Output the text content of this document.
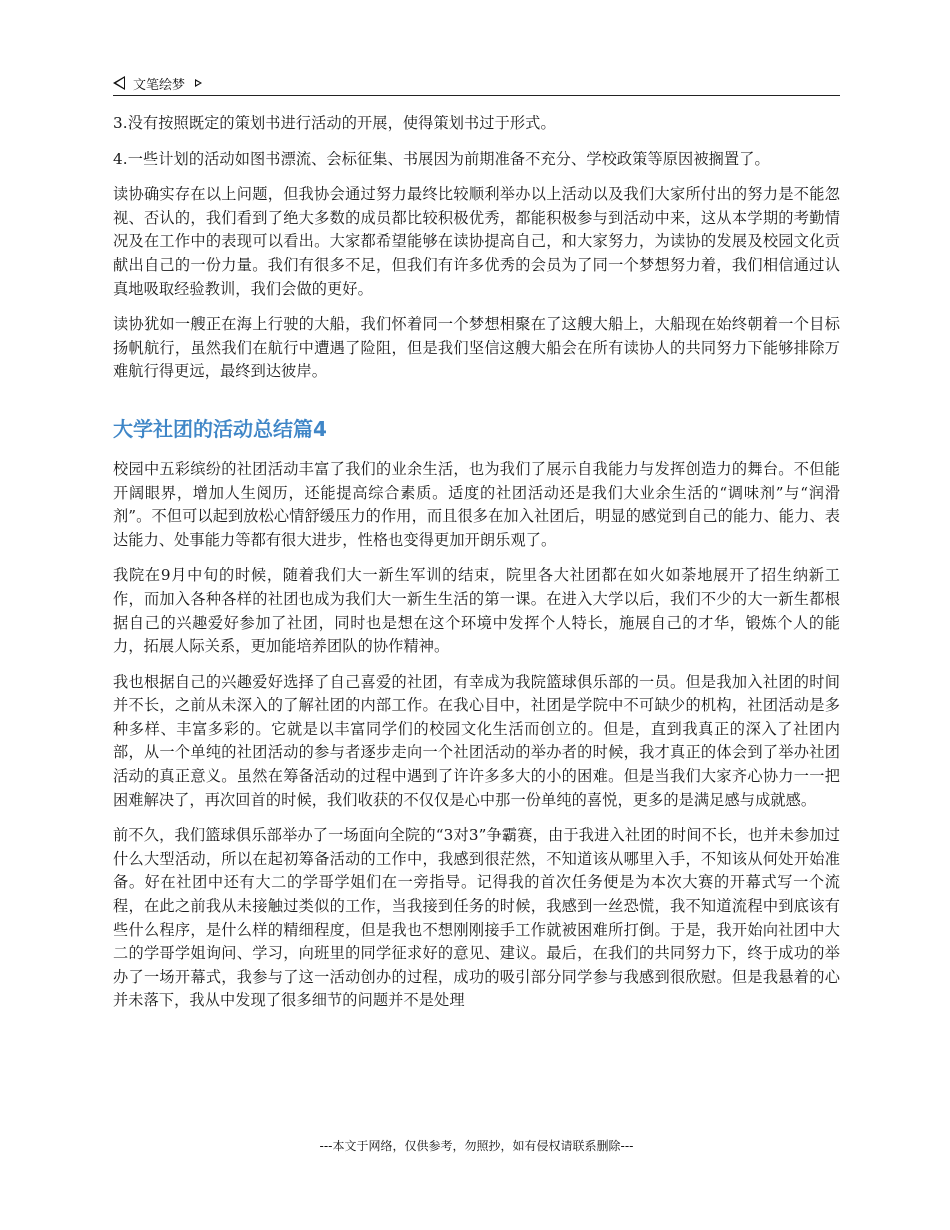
文笔绘梦

3.没有按照既定的策划书进行活动的开展，使得策划书过于形式。

4.一些计划的活动如图书漂流、会标征集、书展因为前期准备不充分、学校政策等原因被搁置了。

读协确实存在以上问题，但我协会通过努力最终比较顺利举办以上活动以及我们大家所付出的努力是不能忽视、否认的，我们看到了绝大多数的成员都比较积极优秀，都能积极参与到活动中来，这从本学期的考勤情况及在工作中的表现可以看出。大家都希望能够在读协提高自己，和大家努力，为读协的发展及校园文化贡献出自己的一份力量。我们有很多不足，但我们有许多优秀的会员为了同一个梦想努力着，我们相信通过认真地吸取经验教训，我们会做的更好。

读协犹如一艘正在海上行驶的大船，我们怀着同一个梦想相聚在了这艘大船上，大船现在始终朝着一个目标扬帆航行，虽然我们在航行中遭遇了险阻，但是我们坚信这艘大船会在所有读协人的共同努力下能够排除万难航行得更远，最终到达彼岸。

大学社团的活动总结篇4

校园中五彩缤纷的社团活动丰富了我们的业余生活，也为我们了展示自我能力与发挥创造力的舞台。不但能开阔眼界，增加人生阅历，还能提高综合素质。适度的社团活动还是我们大业余生活的“调味剂”与“润滑剂”。不但可以起到放松心情舒缓压力的作用，而且很多在加入社团后，明显的感觉到自己的能力、能力、表达能力、处事能力等都有很大进步，性格也变得更加开朗乐观了。

我院在9月中旬的时候，随着我们大一新生军训的结束，院里各大社团都在如火如荼地展开了招生纳新工作，而加入各种各样的社团也成为我们大一新生生活的第一课。在进入大学以后，我们不少的大一新生都根据自己的兴趣爱好参加了社团，同时也是想在这个环境中发挥个人特长，施展自己的才华，锻炼个人的能力，拓展人际关系，更加能培养团队的协作精神。

我也根据自己的兴趣爱好选择了自己喜爱的社团，有幸成为我院篮球俱乐部的一员。但是我加入社团的时间并不长，之前从未深入的了解社团的内部工作。在我心目中，社团是学院中不可缺少的机构，社团活动是多种多样、丰富多彩的。它就是以丰富同学们的校园文化生活而创立的。但是，直到我真正的深入了社团内部，从一个单纯的社团活动的参与者逐步走向一个社团活动的举办者的时候，我才真正的体会到了举办社团活动的真正意义。虽然在筹备活动的过程中遇到了许许多多大的小的困难。但是当我们大家齐心协力一一把困难解决了，再次回首的时候，我们收获的不仅仅是心中那一份单纯的喜悦，更多的是满足感与成就感。

前不久，我们篮球俱乐部举办了一场面向全院的“3对3”争霸赛，由于我进入社团的时间不长，也并未参加过什么大型活动，所以在起初筹备活动的工作中，我感到很茫然，不知道该从哪里入手，不知该从何处开始准备。好在社团中还有大二的学哥学姐们在一旁指导。记得我的首次任务便是为本次大赛的开幕式写一个流程，在此之前我从未接触过类似的工作，当我接到任务的时候，我感到一丝恐慌，我不知道流程中到底该有些什么程序，是什么样的精细程度，但是我也不想刚刚接手工作就被困难所打倒。于是，我开始向社团中大二的学哥学姐询问、学习，向班里的同学征求好的意见、建议。最后，在我们的共同努力下，终于成功的举办了一场开幕式，我参与了这一活动创办的过程，成功的吸引部分同学参与我感到很欣慰。但是我悬着的心并未落下，我从中发现了很多细节的问题并不是处理

---本文于网络，仅供参考，勿照抄，如有侵权请联系删除---
